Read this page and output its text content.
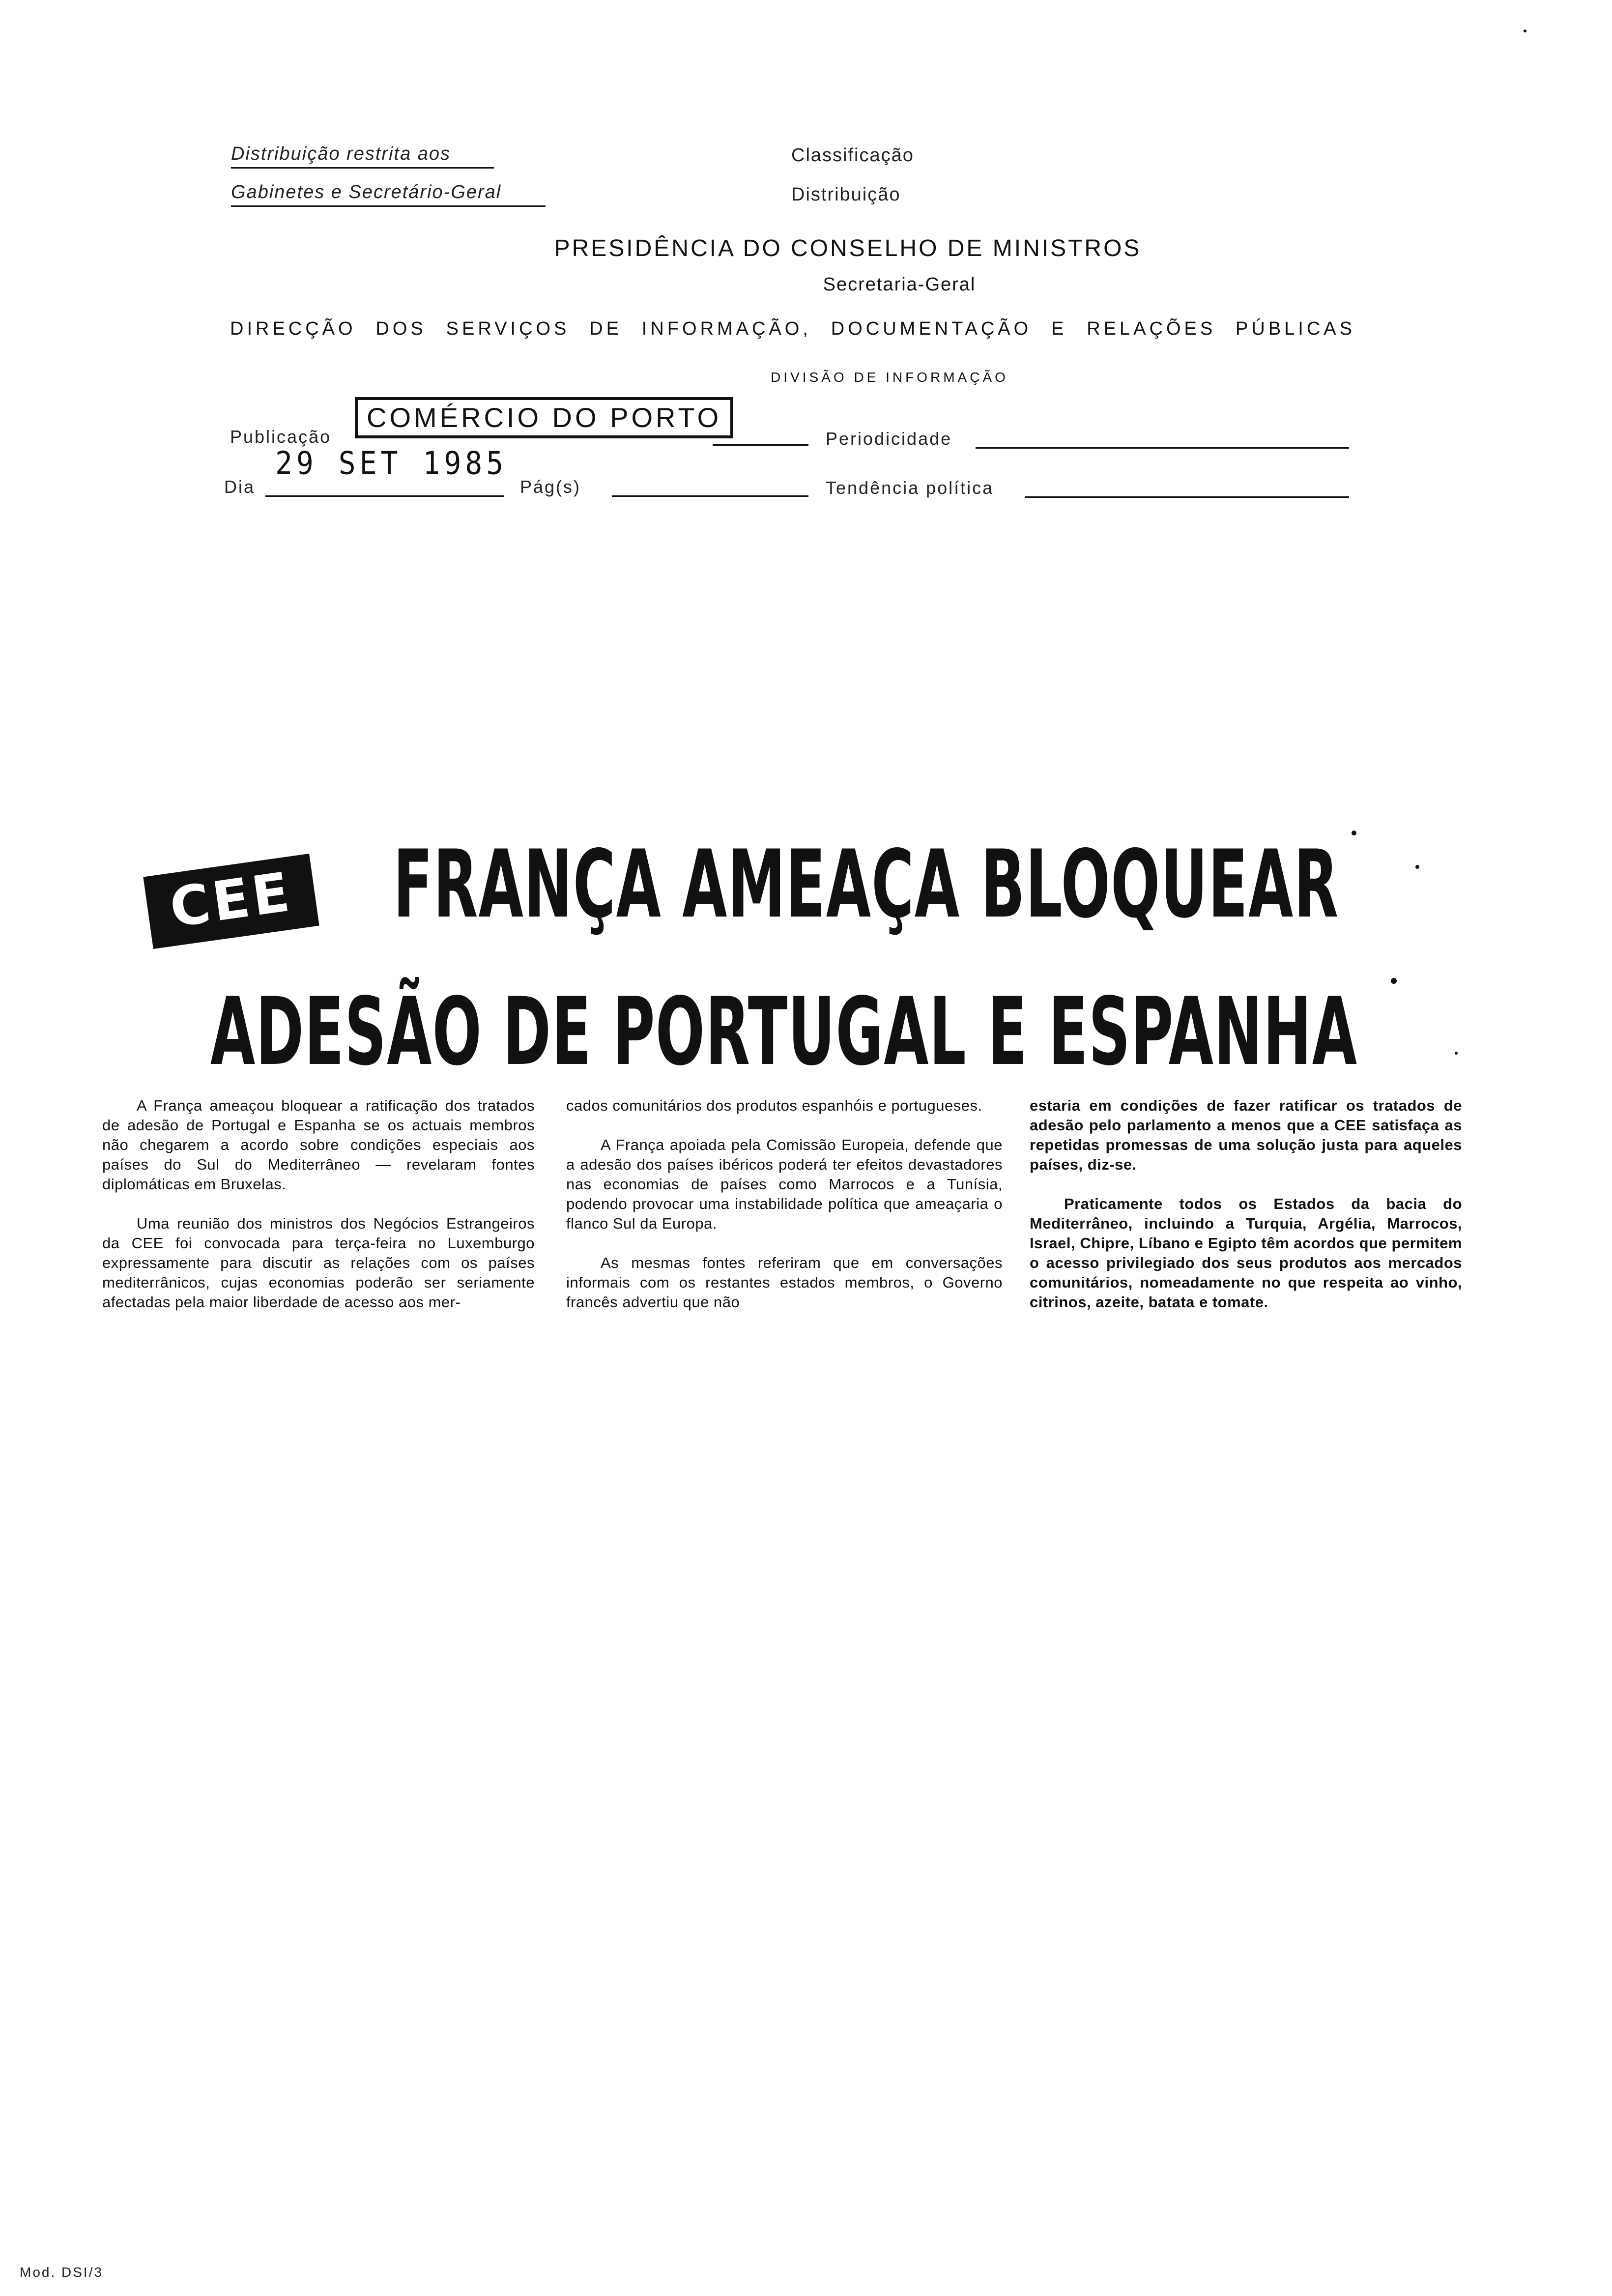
Distribuição restrita aos
Gabinetes e Secretário-Geral
Classificação
Distribuição
PRESIDÊNCIA DO CONSELHO DE MINISTROS
Secretaria-Geral
DIRECÇÃO DOS SERVIÇOS DE INFORMAÇÃO, DOCUMENTAÇÃO E RELAÇÕES PÚBLICAS
DIVISÃO DE INFORMAÇÃO
Publicação
COMÉRCIO DO PORTO
Periodicidade
Dia
29 SET 1985
Pág(s)	Tendência política
CEE FRANÇA AMEAÇA BLOQUEAR
ADESÃO DE PORTUGAL E ESPANHA

A França ameaçou bloquear a ratificação dos tratados de adesão de Portugal e Espanha se os actuais membros não chegarem a acordo sobre condições especiais aos países do Sul do Mediterrâneo — revelaram fontes diplomáticas em Bruxelas.

Uma reunião dos ministros dos Negócios Estrangeiros da CEE foi convocada para terça-feira no Luxemburgo expressamente para discutir as relações com os países mediterrânicos, cujas economias poderão ser seriamente afectadas pela maior liberdade de acesso aos mer-

cados comunitários dos produtos espanhóis e portugueses.

A França apoiada pela Comissão Europeia, defende que a adesão dos países ibéricos poderá ter efeitos devastadores nas economias de países como Marrocos e a Tunísia, podendo provocar uma instabilidade política que ameaçaria o flanco Sul da Europa.

As mesmas fontes referiram que em conversações informais com os restantes estados membros, o Governo francês advertiu que não

estaria em condições de fazer ratificar os tratados de adesão pelo parlamento a menos que a CEE satisfaça as repetidas promessas de uma solução justa para aqueles países, diz-se.

Praticamente todos os Estados da bacia do Mediterrâneo, incluindo a Turquia, Argélia, Marrocos, Israel, Chipre, Líbano e Egipto têm acordos que permitem o acesso privilegiado dos seus produtos aos mercados comunitários, nomeadamente no que respeita ao vinho, citrinos, azeite, batata e tomate.

Mod. DSI/3
